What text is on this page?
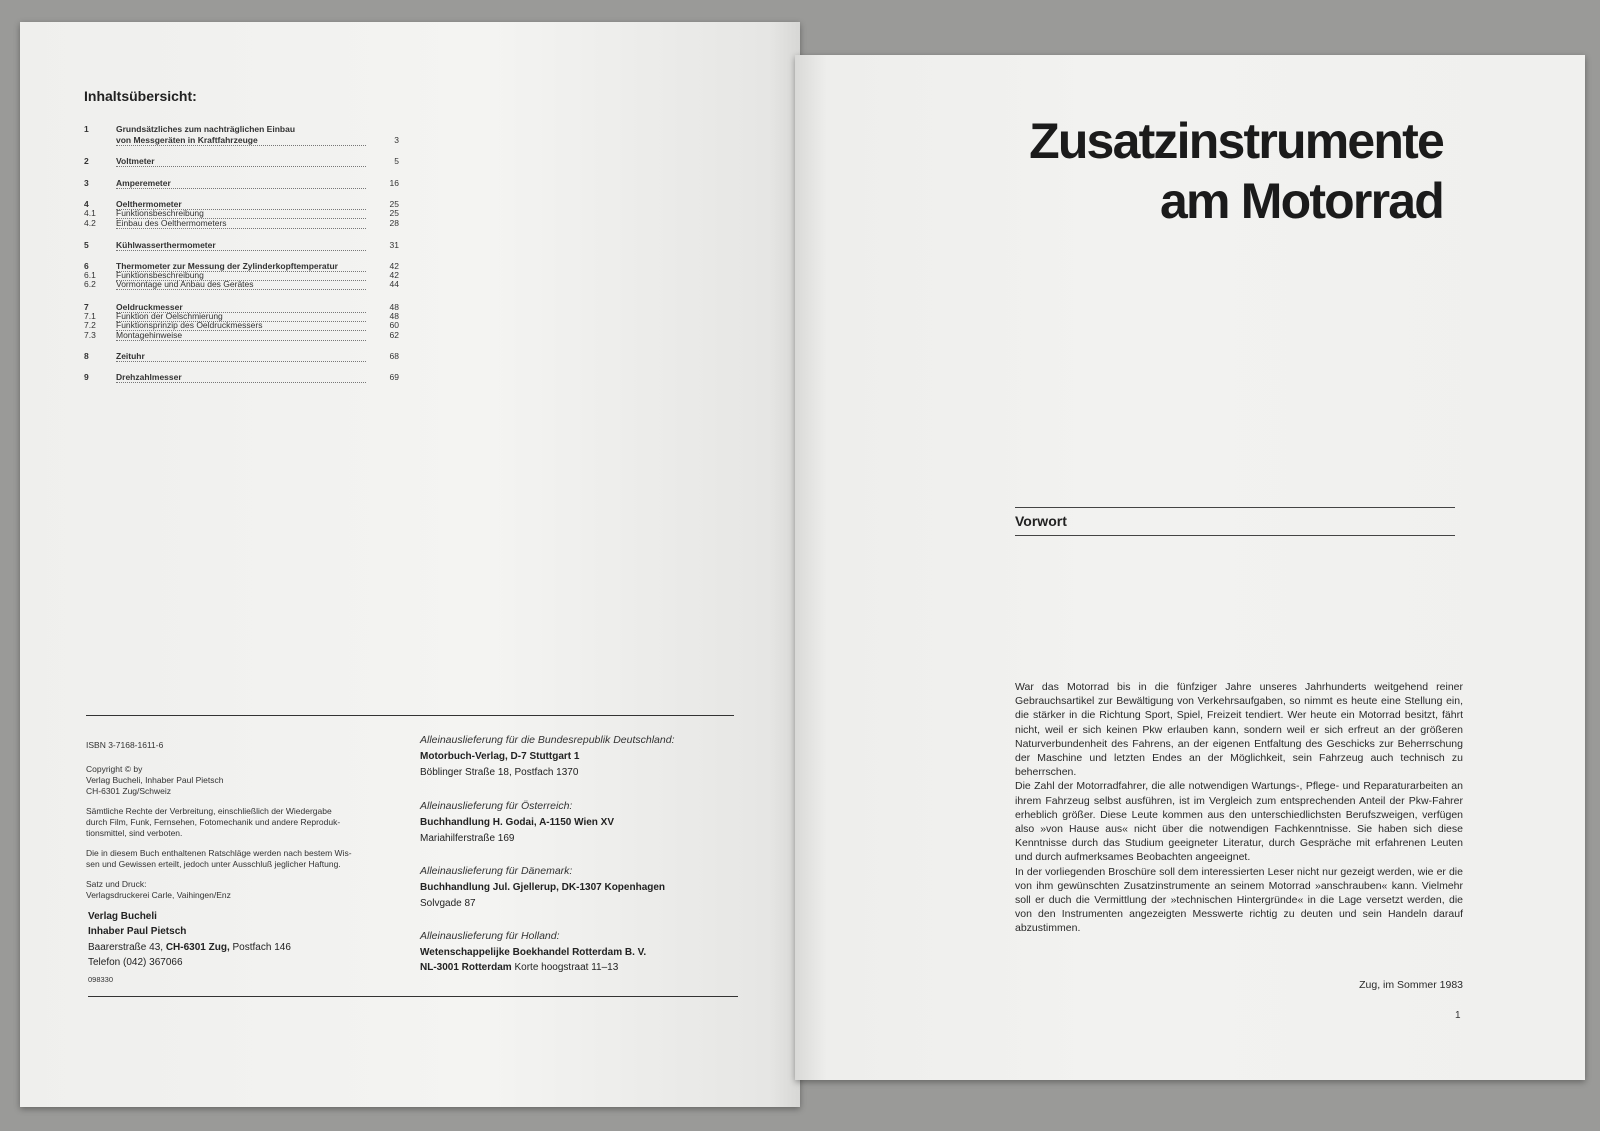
Inhaltsübersicht:
1	Grundsätzliches zum nachträglichen Einbau
von Messgeräten in Kraftfahrzeuge	3
2	Voltmeter	5
3	Amperemeter	16
4	Oelthermometer	25
4.1	Funktionsbeschreibung	25
4.2	Einbau des Oelthermometers	28
5	Kühlwasserthermometer	31
6	Thermometer zur Messung der Zylinderkopftemperatur	42
6.1	Funktionsbeschreibung	42
6.2	Vormontage und Anbau des Gerätes	44
7	Oeldruckmesser	48
7.1	Funktion der Oelschmierung	48
7.2	Funktionsprinzip des Oeldruckmessers	60
7.3	Montagehinweise	62
8	Zeituhr	68
9	Drehzahlmesser	69
ISBN 3-7168-1611-6
Copyright © by
Verlag Bucheli, Inhaber Paul Pietsch
CH-6301 Zug/Schweiz
Sämtliche Rechte der Verbreitung, einschließlich der Wiedergabe
durch Film, Funk, Fernsehen, Fotomechanik und andere Reproduk-
tionsmittel, sind verboten.
Die in diesem Buch enthaltenen Ratschläge werden nach bestem Wis-
sen und Gewissen erteilt, jedoch unter Ausschluß jeglicher Haftung.
Satz und Druck:
Verlagsdruckerei Carle, Vaihingen/Enz
Verlag Bucheli
Inhaber Paul Pietsch
Baarerstraße 43, CH-6301 Zug, Postfach 146
Telefon (042) 367066
098330
Alleinauslieferung für die Bundesrepublik Deutschland:
Motorbuch-Verlag, D-7 Stuttgart 1
Böblinger Straße 18, Postfach 1370
Alleinauslieferung für Österreich:
Buchhandlung H. Godai, A-1150 Wien XV
Mariahilferstraße 169
Alleinauslieferung für Dänemark:
Buchhandlung Jul. Gjellerup, DK-1307 Kopenhagen
Solvgade 87
Alleinauslieferung für Holland:
Wetenschappelijke Boekhandel Rotterdam B. V.
NL-3001 Rotterdam Korte hoogstraat 11–13
Zusatzinstrumente
am Motorrad
Vorwort

War das Motorrad bis in die fünfziger Jahre unseres Jahrhunderts weitgehend reiner Gebrauchsartikel zur Bewältigung von Verkehrsaufgaben, so nimmt es heute eine Stellung ein, die stärker in die Richtung Sport, Spiel, Freizeit tendiert. Wer heute ein Motorrad besitzt, fährt nicht, weil er sich keinen Pkw erlauben kann, sondern weil er sich erfreut an der größeren Naturverbundenheit des Fahrens, an der eigenen Entfaltung des Geschicks zur Beherrschung der Maschine und letzten Endes an der Möglichkeit, sein Fahrzeug auch technisch zu beherrschen.

Die Zahl der Motorradfahrer, die alle notwendigen Wartungs-, Pflege- und Reparaturarbeiten an ihrem Fahrzeug selbst ausführen, ist im Vergleich zum entsprechenden Anteil der Pkw-Fahrer erheblich größer. Diese Leute kommen aus den unterschiedlichsten Berufszweigen, verfügen also »von Hause aus« nicht über die notwendigen Fachkenntnisse. Sie haben sich diese Kenntnisse durch das Studium geeigneter Literatur, durch Gespräche mit erfahrenen Leuten und durch aufmerksames Beobachten angeeignet.

In der vorliegenden Broschüre soll dem interessierten Leser nicht nur gezeigt werden, wie er die von ihm gewünschten Zusatzinstrumente an seinem Motorrad »anschrauben« kann. Vielmehr soll er duch die Vermittlung der »technischen Hintergründe« in die Lage versetzt werden, die von den Instrumenten angezeigten Messwerte richtig zu deuten und sein Handeln darauf abzustimmen.

Zug, im Sommer 1983
1
